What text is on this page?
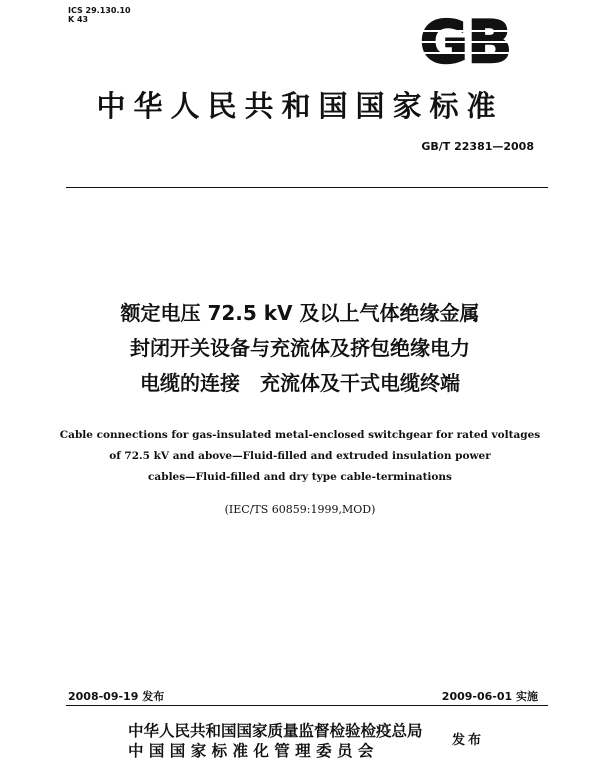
ICS 29.130.10
K 43	GB
中华人民共和国国家标准
GB/T 22381—2008
额定电压 72.5 kV 及以上气体绝缘金属
封闭开关设备与充流体及挤包绝缘电力
电缆的连接　充流体及干式电缆终端
Cable connections for gas-insulated metal-enclosed switchgear for rated voltages
of 72.5 kV and above—Fluid-filled and extruded insulation power
cables—Fluid-filled and dry type cable-terminations
(IEC/TS 60859:1999,MOD)
2008-09-19 发布	2009-06-01 实施
中华人民共和国国家质量监督检验检疫总局
中 国 国 家 标 准 化 管 理 委 员 会
发布
